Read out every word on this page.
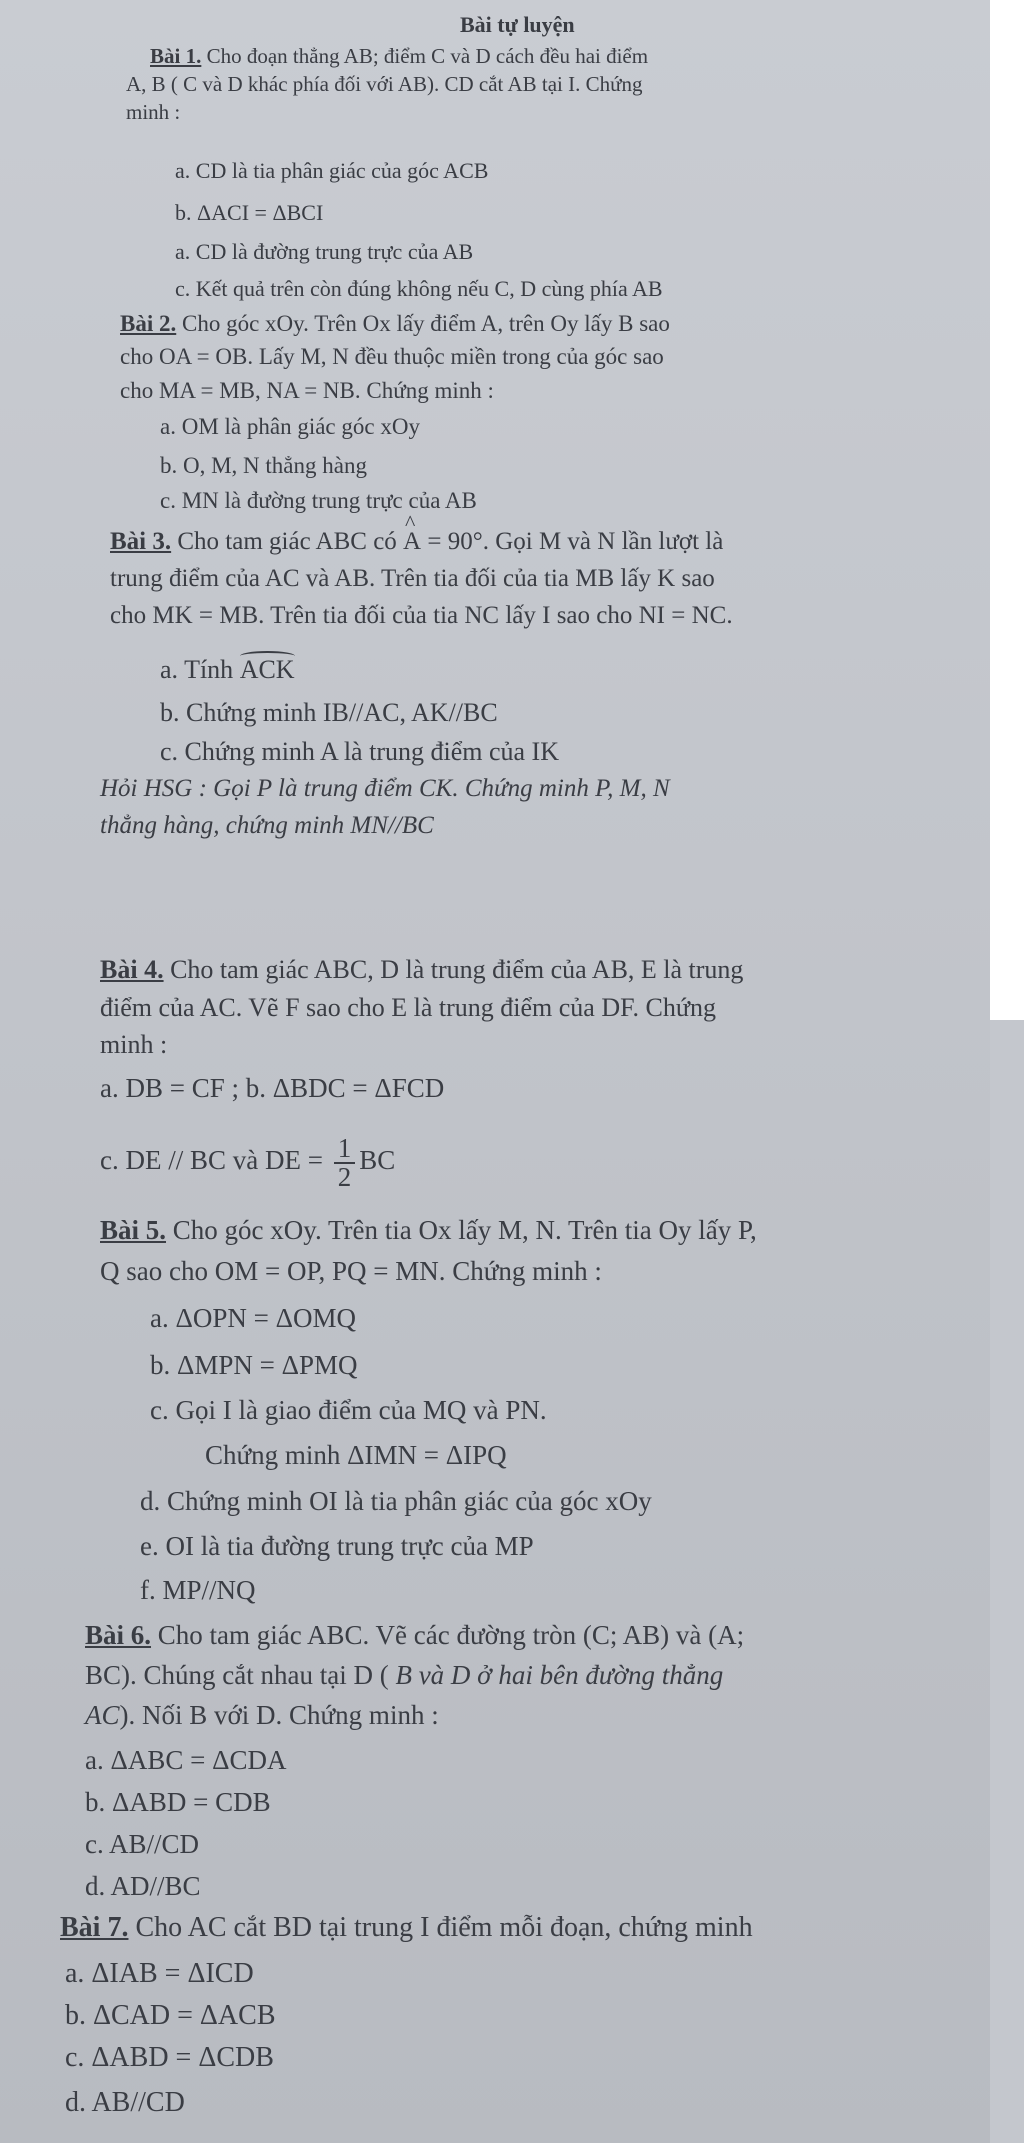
Bài tự luyện
Bài 1. Cho đoạn thẳng AB; điểm C và D cách đều hai điểm
A, B ( C và D khác phía đối với AB). CD cắt AB tại I. Chứng
minh :
a. CD là tia phân giác của góc ACB
b. ΔACI = ΔBCI
a. CD là đường trung trực của AB
c. Kết quả trên còn đúng không nếu C, D cùng phía AB
Bài 2. Cho góc xOy. Trên Ox lấy điểm A, trên Oy lấy B sao
cho OA = OB. Lấy M, N đều thuộc miền trong của góc sao
cho MA = MB, NA = NB. Chứng minh :
a. OM là phân giác góc xOy
b. O, M, N thẳng hàng
c. MN là đường trung trực của AB
Bài 3. Cho tam giác ABC có ^ A = 90°. Gọi M và N lần lượt là
trung điểm của AC và AB. Trên tia đối của tia MB lấy K sao
cho MK = MB. Trên tia đối của tia NC lấy I sao cho NI = NC.
a. Tính ACK
b. Chứng minh IB//AC, AK//BC
c. Chứng minh A là trung điểm của IK
Hỏi HSG : Gọi P là trung điểm CK. Chứng minh P, M, N
thẳng hàng, chứng minh MN//BC
Bài 4. Cho tam giác ABC, D là trung điểm của AB, E là trung
điểm của AC. Vẽ F sao cho E là trung điểm của DF. Chứng
minh :
a. DB = CF ; b. ΔBDC = ΔFCD
c. DE // BC và DE = $\frac{1}{2}$ BC
Bài 5. Cho góc xOy. Trên tia Ox lấy M, N. Trên tia Oy lấy P,
Q sao cho OM = OP, PQ = MN. Chứng minh :
a. ΔOPN = ΔOMQ
b. ΔMPN = ΔPMQ
c. Gọi I là giao điểm của MQ và PN.
Chứng minh ΔIMN = ΔIPQ
d. Chứng minh OI là tia phân giác của góc xOy
e. OI là tia đường trung trực của MP
f. MP//NQ
Bài 6. Cho tam giác ABC. Vẽ các đường tròn (C; AB) và (A;
BC). Chúng cắt nhau tại D ( B và D ở hai bên đường thẳng
AC). Nối B với D. Chứng minh :
a. ΔABC = ΔCDA
b. ΔABD = CDB
c. AB//CD
d. AD//BC
Bài 7. Cho AC cắt BD tại trung I điểm mỗi đoạn, chứng minh
a. ΔIAB = ΔICD
b. ΔCAD = ΔACB
c. ΔABD = ΔCDB
d. AB//CD
